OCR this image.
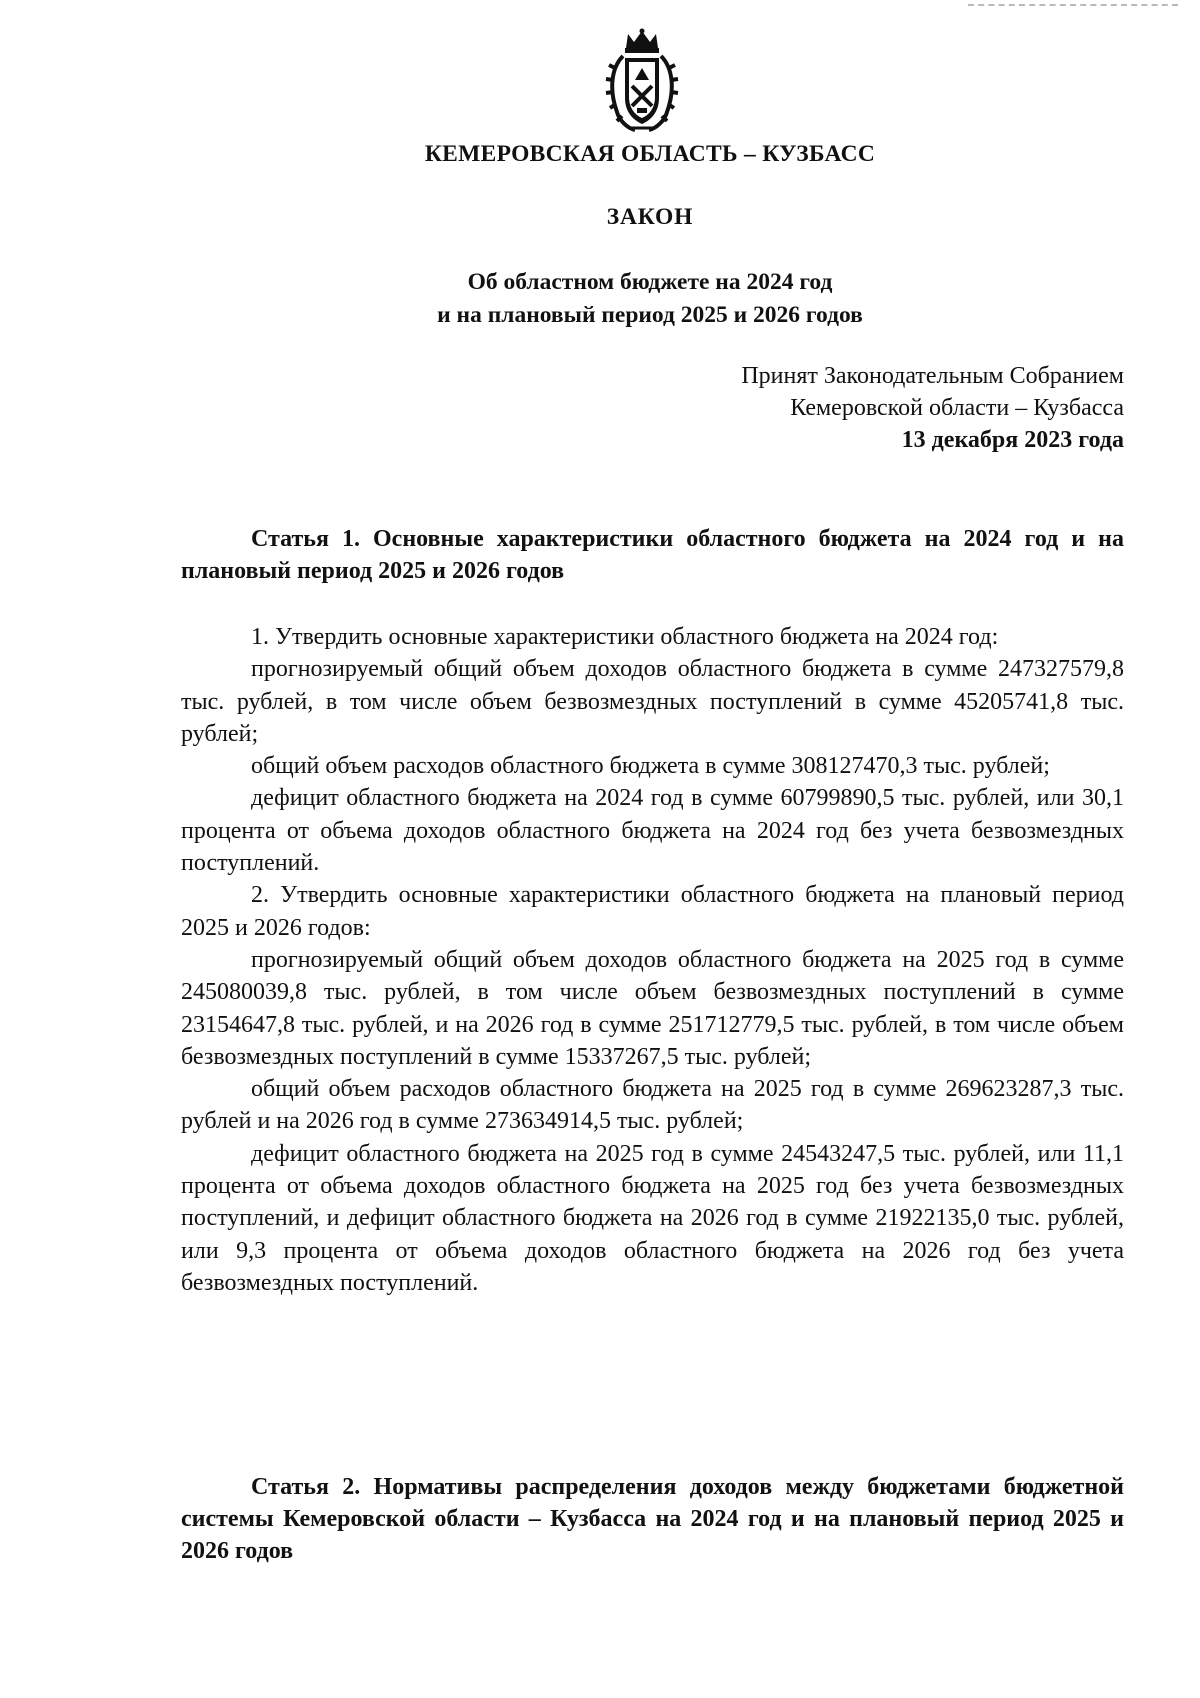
КЕМЕРОВСКАЯ ОБЛАСТЬ – КУЗБАСС
ЗАКОН
Об областном бюджете на 2024 год
и на плановый период 2025 и 2026 годов
Принят Законодательным Собранием
Кемеровской области – Кузбасса
13 декабря 2023 года

Статья 1. Основные характеристики областного бюджета на 2024 год и на плановый период 2025 и 2026 годов

1. Утвердить основные характеристики областного бюджета на 2024 год:

прогнозируемый общий объем доходов областного бюджета в сумме 247327579,8 тыс. рублей, в том числе объем безвозмездных поступлений в сумме 45205741,8 тыс. рублей;

общий объем расходов областного бюджета в сумме 308127470,3 тыс. рублей;

дефицит областного бюджета на 2024 год в сумме 60799890,5 тыс. рублей, или 30,1 процента от объема доходов областного бюджета на 2024 год без учета безвозмездных поступлений.

2. Утвердить основные характеристики областного бюджета на плановый период 2025 и 2026 годов:

прогнозируемый общий объем доходов областного бюджета на 2025 год в сумме 245080039,8 тыс. рублей, в том числе объем безвозмездных поступлений в сумме 23154647,8 тыс. рублей, и на 2026 год в сумме 251712779,5 тыс. рублей, в том числе объем безвозмездных поступлений в сумме 15337267,5 тыс. рублей;

общий объем расходов областного бюджета на 2025 год в сумме 269623287,3 тыс. рублей и на 2026 год в сумме 273634914,5 тыс. рублей;

дефицит областного бюджета на 2025 год в сумме 24543247,5 тыс. рублей, или 11,1 процента от объема доходов областного бюджета на 2025 год без учета безвозмездных поступлений, и дефицит областного бюджета на 2026 год в сумме 21922135,0 тыс. рублей, или 9,3 процента от объема доходов областного бюджета на 2026 год без учета безвозмездных поступлений.

Статья 2. Нормативы распределения доходов между бюджетами бюджетной системы Кемеровской области – Кузбасса на 2024 год и на плановый период 2025 и 2026 годов
